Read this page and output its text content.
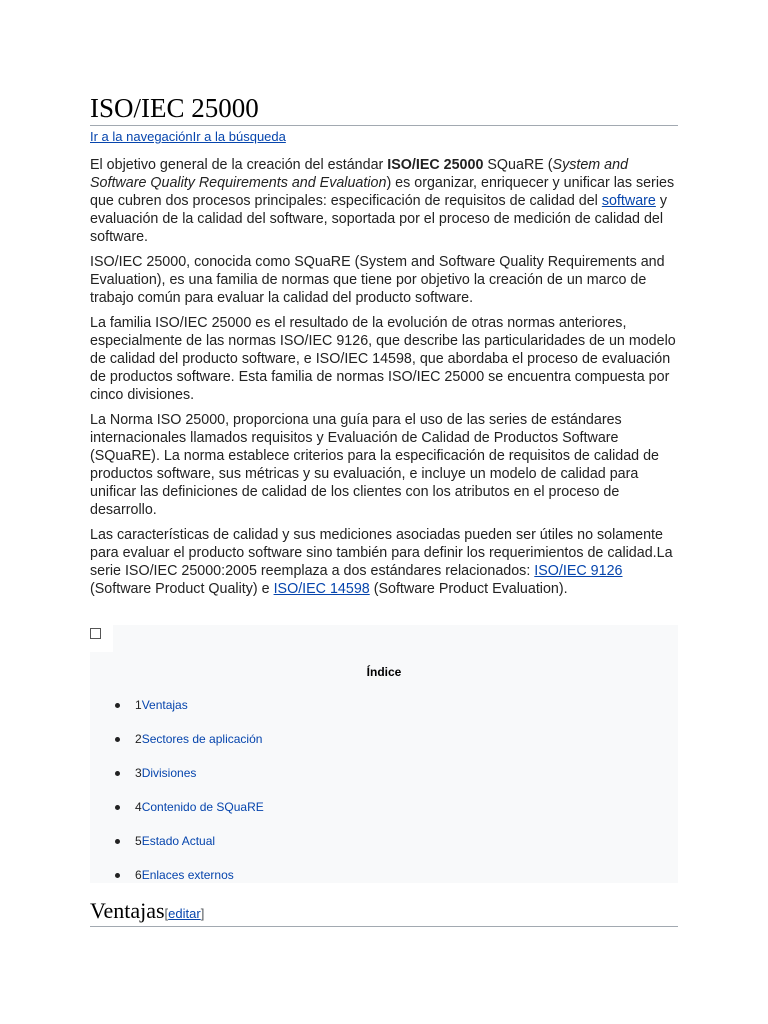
ISO/IEC 25000
Ir a la navegaciónIr a la búsqueda

El objetivo general de la creación del estándar ISO/IEC 25000 SQuaRE (System and Software Quality Requirements and Evaluation) es organizar, enriquecer y unificar las series que cubren dos procesos principales: especificación de requisitos de calidad del software y evaluación de la calidad del software, soportada por el proceso de medición de calidad del software.

ISO/IEC 25000, conocida como SQuaRE (System and Software Quality Requirements and Evaluation), es una familia de normas que tiene por objetivo la creación de un marco de trabajo común para evaluar la calidad del producto software.

La familia ISO/IEC 25000 es el resultado de la evolución de otras normas anteriores, especialmente de las normas ISO/IEC 9126, que describe las particularidades de un modelo de calidad del producto software, e ISO/IEC 14598, que abordaba el proceso de evaluación de productos software. Esta familia de normas ISO/IEC 25000 se encuentra compuesta por cinco divisiones.

La Norma ISO 25000, proporciona una guía para el uso de las series de estándares internacionales llamados requisitos y Evaluación de Calidad de Productos Software (SQuaRE). La norma establece criterios para la especificación de requisitos de calidad de productos software, sus métricas y su evaluación, e incluye un modelo de calidad para unificar las definiciones de calidad de los clientes con los atributos en el proceso de desarrollo.

Las características de calidad y sus mediciones asociadas pueden ser útiles no solamente para evaluar el producto software sino también para definir los requerimientos de calidad.La serie ISO/IEC 25000:2005 reemplaza a dos estándares relacionados: ISO/IEC 9126 (Software Product Quality) e ISO/IEC 14598 (Software Product Evaluation).

Índice
1Ventajas
2Sectores de aplicación
3Divisiones
4Contenido de SQuaRE
5Estado Actual
6Enlaces externos
Ventajas[editar]
